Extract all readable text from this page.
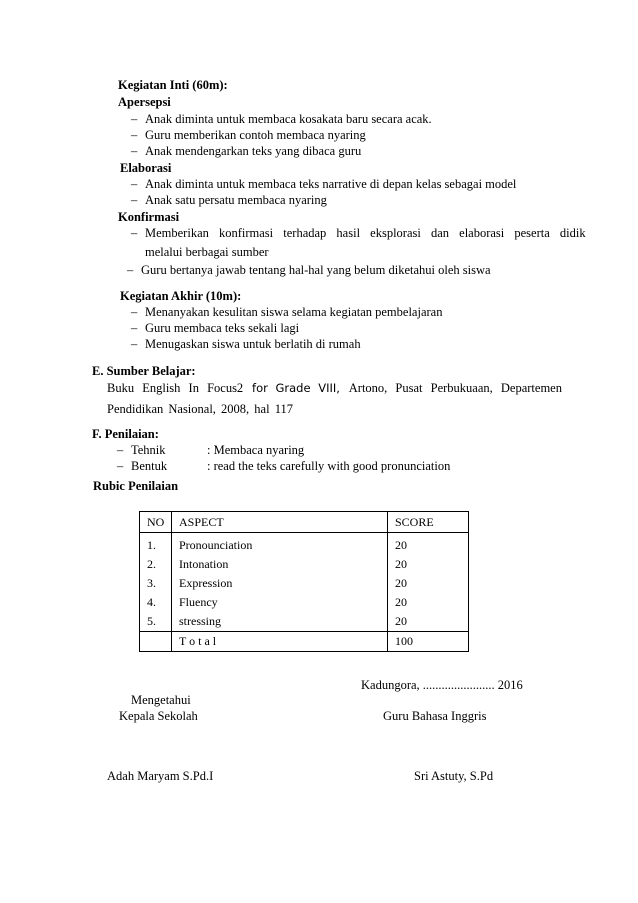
Kegiatan Inti (60m):
Apersepsi
– Anak diminta untuk membaca kosakata baru secara acak.
– Guru memberikan contoh membaca nyaring
– Anak mendengarkan teks yang dibaca guru
Elaborasi
– Anak diminta untuk membaca teks narrative di depan kelas sebagai model
– Anak satu persatu membaca nyaring
Konfirmasi
– Memberikan konfirmasi terhadap hasil eksplorasi dan elaborasi peserta didik
melalui berbagai sumber
– Guru bertanya jawab tentang hal-hal yang belum diketahui oleh siswa
Kegiatan Akhir (10m):
– Menanyakan kesulitan siswa selama kegiatan pembelajaran
– Guru membaca teks sekali lagi
– Menugaskan siswa untuk berlatih di rumah
E. Sumber Belajar:
Buku English In Focus2 for Grade VIII, Artono, Pusat Perbukuaan, Departemen
Pendidikan Nasional, 2008, hal 117
F. Penilaian:
– Tehnik	: Membaca nyaring
– Bentuk	: read the teks carefully with good pronunciation
Rubic Penilaian
NO	ASPECT	SCORE
1.	Pronounciation	20
2.	Intonation	20
3.	Expression	20
4.	Fluency	20
5.	stressing	20
	T o t a l	100
Kadungora, ....................... 2016
Mengetahui
Kepala Sekolah	Guru Bahasa Inggris
Adah Maryam S.Pd.I	Sri Astuty, S.Pd
